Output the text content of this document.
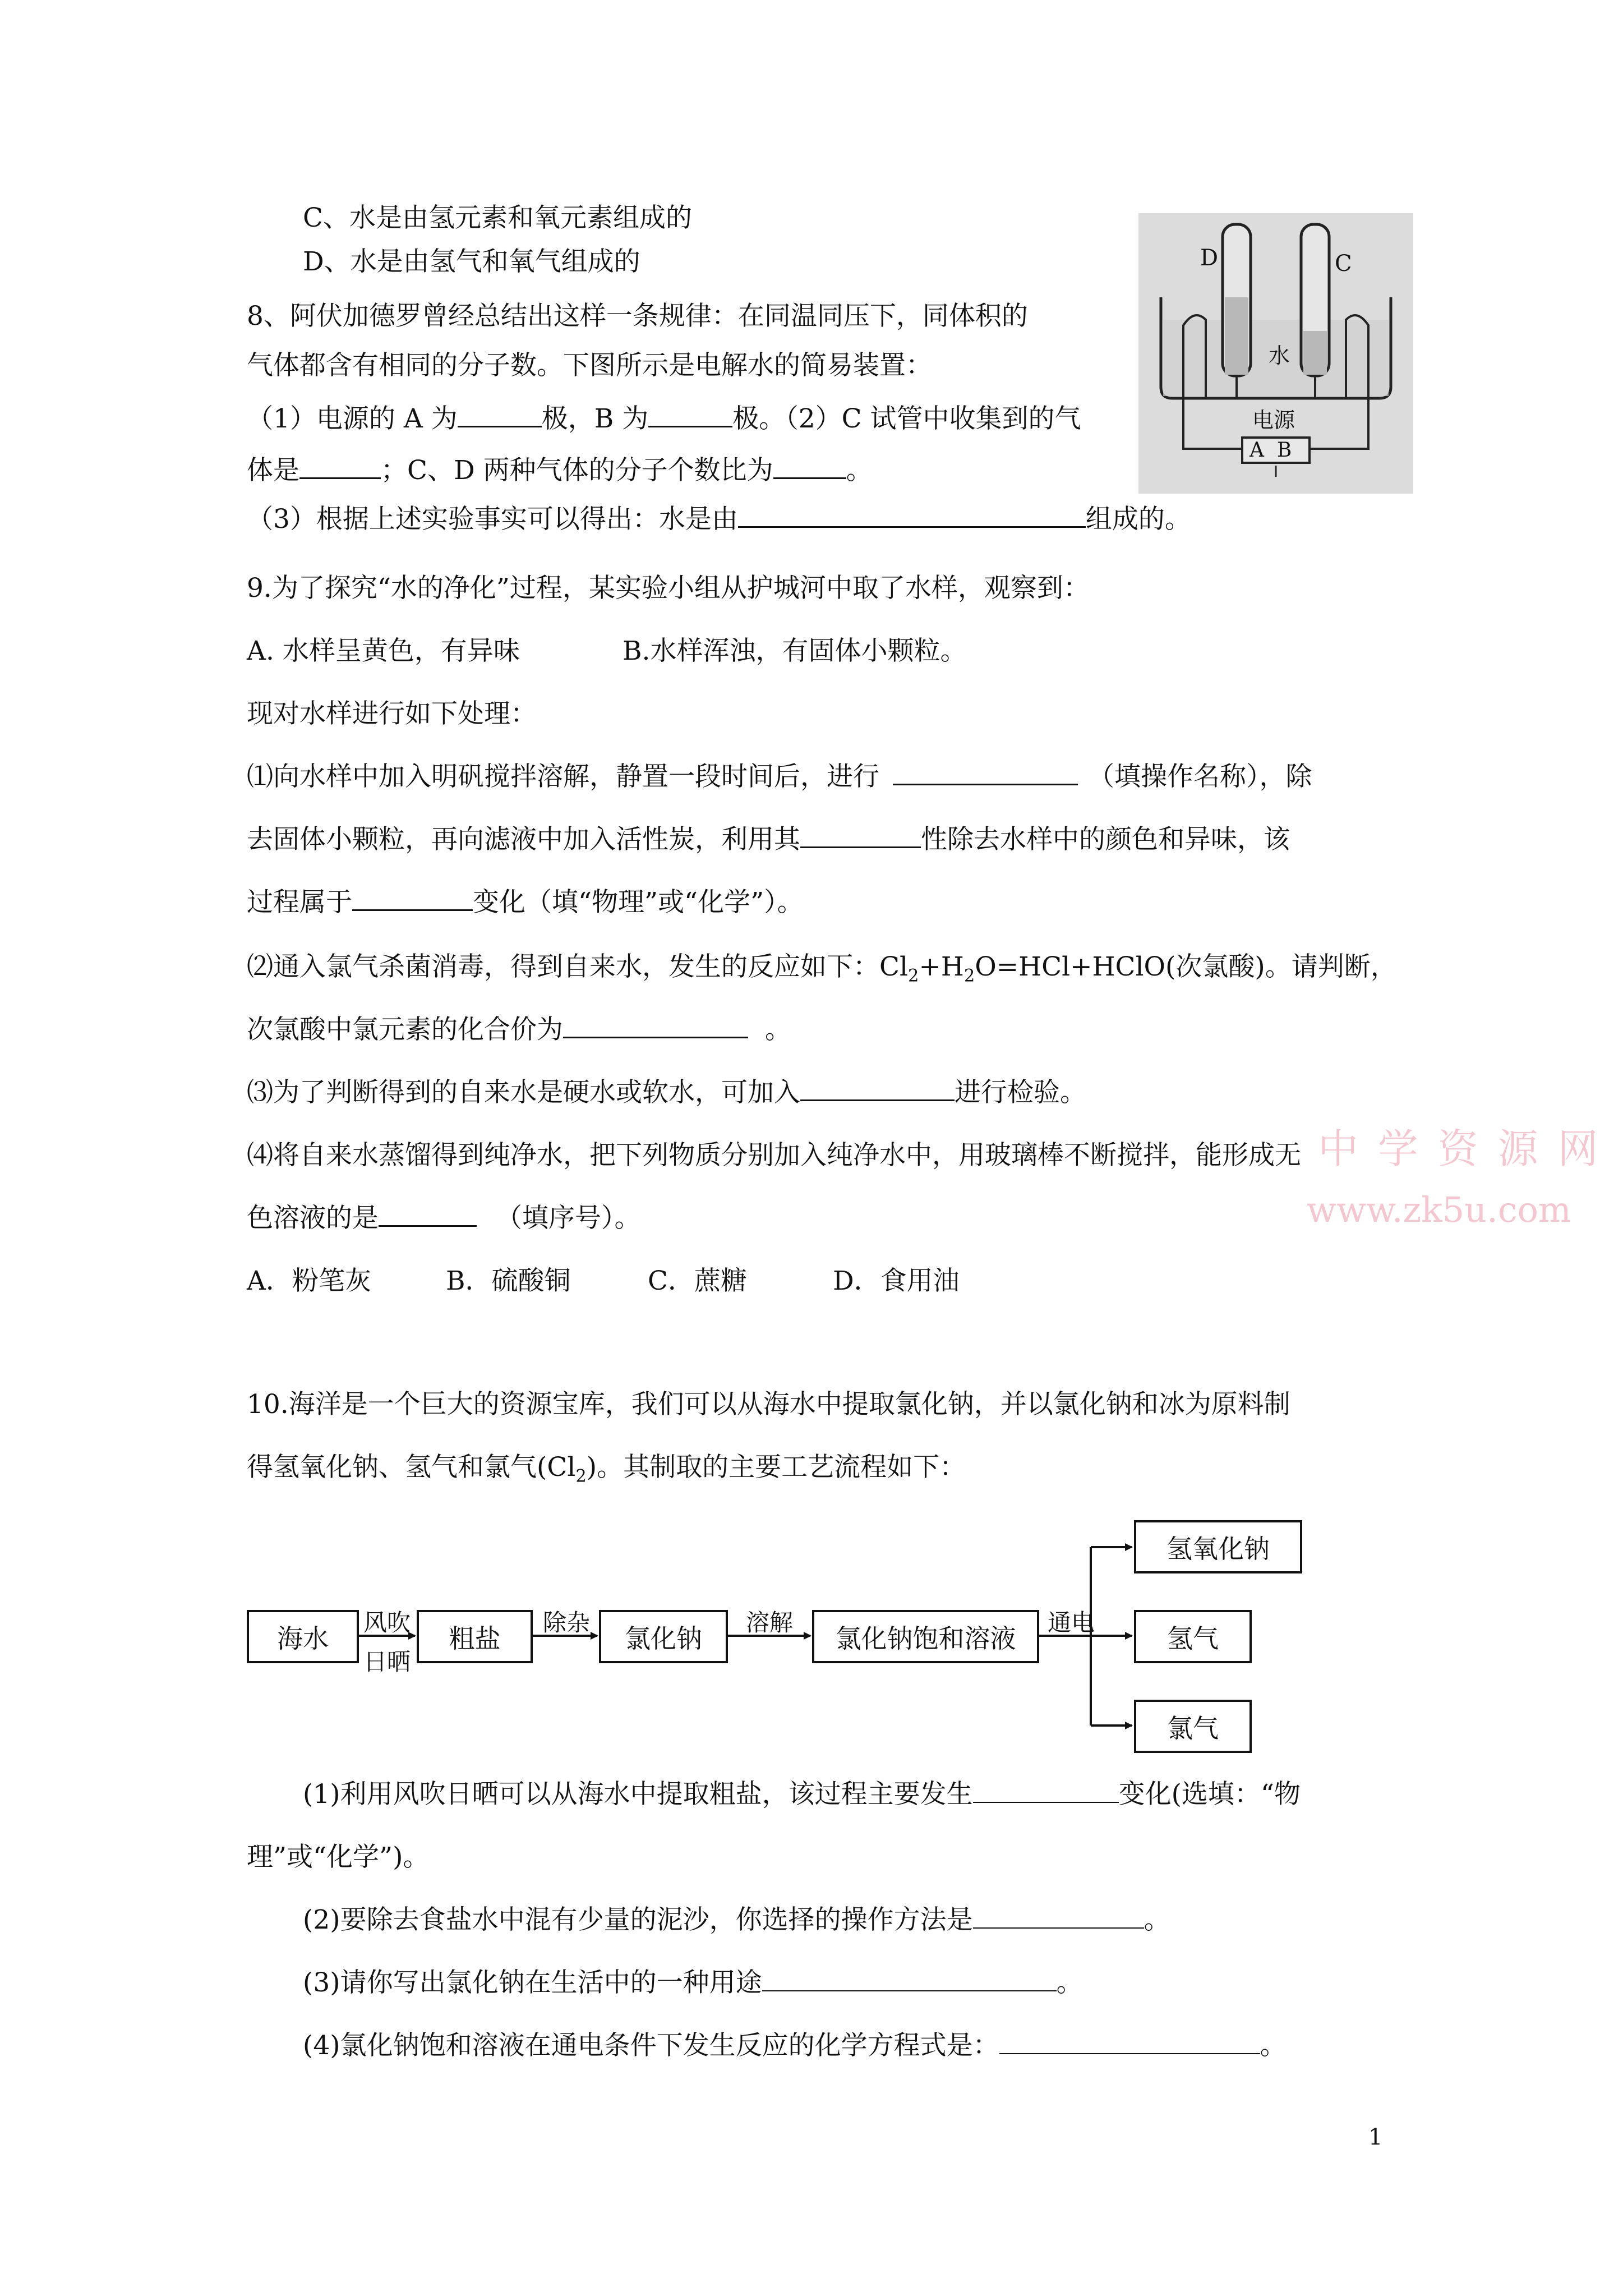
C、水是由氢元素和氧元素组成的
D、水是由氢气和氧气组成的
8、阿伏加德罗曾经总结出这样一条规律：在同温同压下，同体积的
气体都含有相同的分子数。下图所示是电解水的简易装置：
（1）电源的 A 为	极，B 为	极。（2）C 试管中收集到的气
体是	；C、D 两种气体的分子个数比为	。
（3）根据上述实验事实可以得出：水是由	组成的。
D	C
水
电源
A  B
9.为了探究“水的净化”过程，某实验小组从护城河中取了水样，观察到：
A. 水样呈黄色，有异味	B.水样浑浊，有固体小颗粒。
现对水样进行如下处理：
⑴向水样中加入明矾搅拌溶解，静置一段时间后，进行	（填操作名称），除
去固体小颗粒，再向滤液中加入活性炭，利用其	性除去水样中的颜色和异味，该
过程属于	变化（填“物理”或“化学”）。
⑵通入氯气杀菌消毒，得到自来水，发生的反应如下：$Cl_2+H_2O=HCl+HClO$(次氯酸)。请判断，
次氯酸中氯元素的化合价为	。
⑶为了判断得到的自来水是硬水或软水，可加入	进行检验。
⑷将自来水蒸馏得到纯净水，把下列物质分别加入纯净水中，用玻璃棒不断搅拌，能形成无
色溶液的是	（填序号）。
A．粉笔灰	B．硫酸铜	C．蔗糖	D．食用油
中 学 资 源 网
www.zk5u.com
10.海洋是一个巨大的资源宝库，我们可以从海水中提取氯化钠，并以氯化钠和冰为原料制
得氢氧化钠、氢气和氯气$(Cl_2)$。其制取的主要工艺流程如下：
海水
风吹
日晒
粗盐
除杂
氯化钠
溶解
氯化钠饱和溶液
通电
氢氧化钠
氢气
氯气
(1)利用风吹日晒可以从海水中提取粗盐，该过程主要发生	变化(选填：“物
理”或“化学”)。
(2)要除去食盐水中混有少量的泥沙，你选择的操作方法是	。
(3)请你写出氯化钠在生活中的一种用途	。
(4)氯化钠饱和溶液在通电条件下发生反应的化学方程式是：	。
1
